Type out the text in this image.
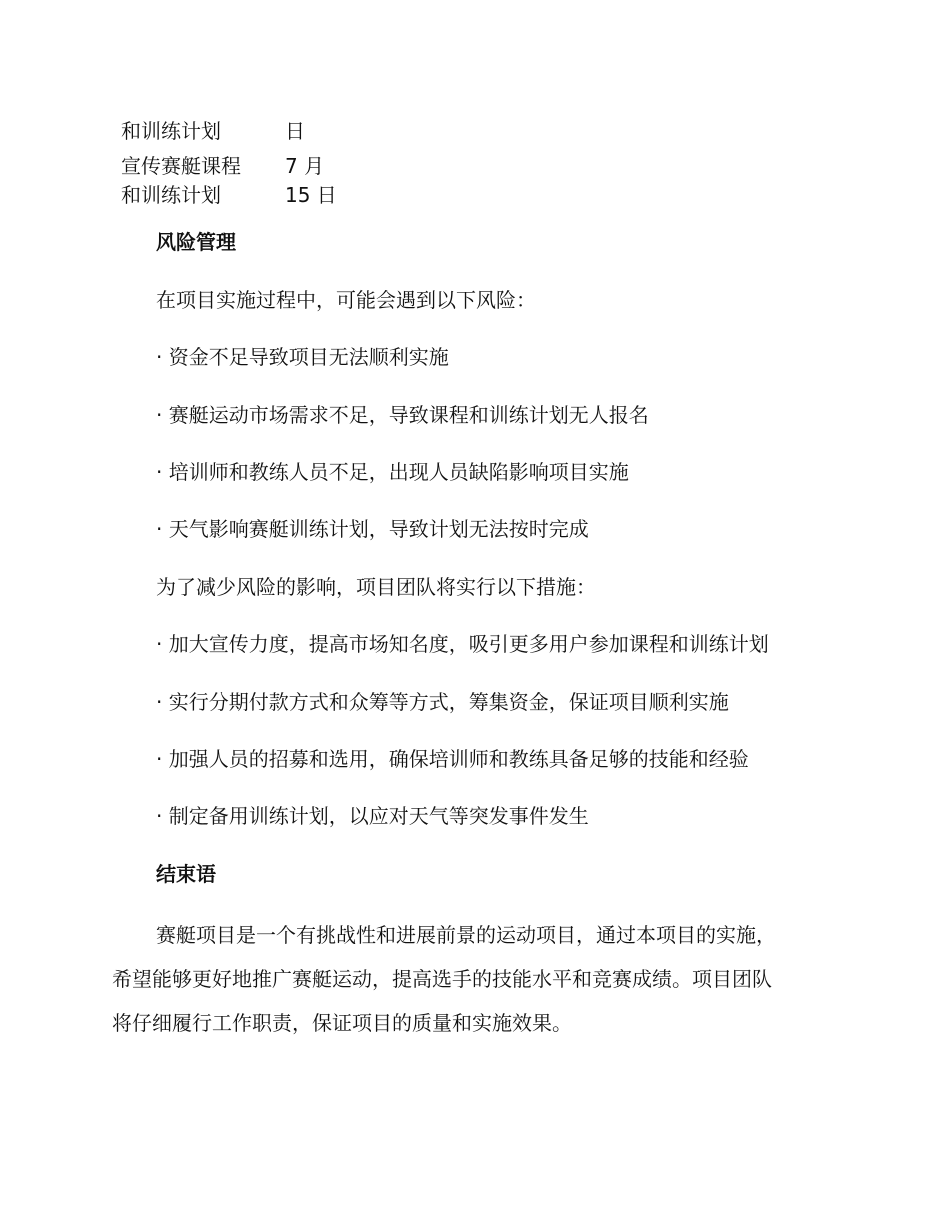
和训练计划	日
宣传赛艇课程	7 月
和训练计划	15 日
风险管理
在项目实施过程中，可能会遇到以下风险：
· 资金不足导致项目无法顺利实施
· 赛艇运动市场需求不足，导致课程和训练计划无人报名
· 培训师和教练人员不足，出现人员缺陷影响项目实施
· 天气影响赛艇训练计划，导致计划无法按时完成
为了减少风险的影响，项目团队将实行以下措施：
· 加大宣传力度，提高市场知名度，吸引更多用户参加课程和训练计划
· 实行分期付款方式和众筹等方式，筹集资金，保证项目顺利实施
· 加强人员的招募和选用，确保培训师和教练具备足够的技能和经验
· 制定备用训练计划，以应对天气等突发事件发生
结束语
赛艇项目是一个有挑战性和进展前景的运动项目，通过本项目的实施，
希望能够更好地推广赛艇运动，提高选手的技能水平和竞赛成绩。项目团队
将仔细履行工作职责，保证项目的质量和实施效果。
